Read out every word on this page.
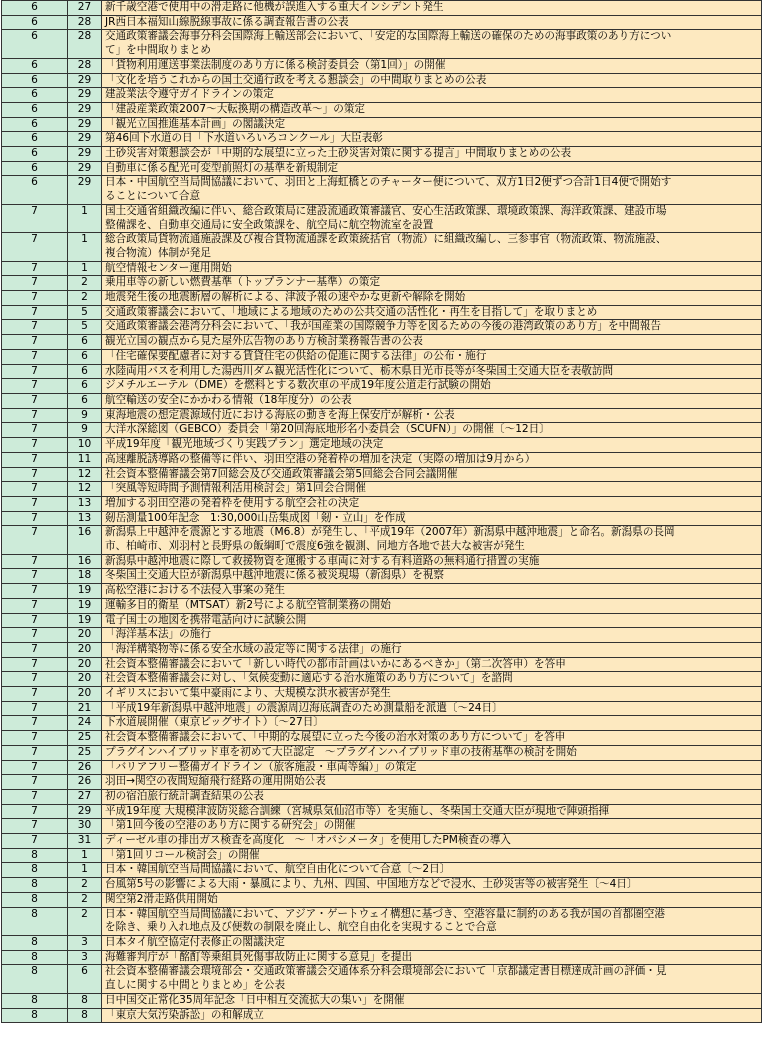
6	27	新千歳空港で使用中の滑走路に他機が誤進入する重大インシデント発生
6	28	JR西日本福知山線脱線事故に係る調査報告書の公表
6	28	交通政策審議会海事分科会国際海上輸送部会において、「安定的な国際海上輸送の確保のための海事政策のあり方につい
て」を中間取りまとめ
6	28	「貨物利用運送事業法制度のあり方に係る検討委員会（第1回）」の開催
6	29	「文化を培うこれからの国土交通行政を考える懇談会」の中間取りまとめの公表
6	29	建設業法令遵守ガイドラインの策定
6	29	「建設産業政策2007～大転換期の構造改革～」の策定
6	29	「観光立国推進基本計画」の閣議決定
6	29	第46回下水道の日「下水道いろいろコンクール」大臣表彰
6	29	土砂災害対策懇談会が「中期的な展望に立った土砂災害対策に関する提言」中間取りまとめの公表
6	29	自動車に係る配光可変型前照灯の基準を新規制定
6	29	日本・中国航空当局間協議において、羽田と上海虹橋とのチャーター便について、双方1日2便ずつ合計1日4便で開始す
ることについて合意
7	1	国土交通省組織改編に伴い、総合政策局に建設流通政策審議官、安心生活政策課、環境政策課、海洋政策課、建設市場
整備課を、自動車交通局に安全政策課を、航空局に航空物流室を設置
7	1	総合政策局貨物流通施設課及び複合貨物流通課を政策統括官（物流）に組織改編し、三参事官（物流政策、物流施設、
複合物流）体制が発足
7	1	航空情報センター運用開始
7	2	乗用車等の新しい燃費基準（トップランナー基準）の策定
7	2	地震発生後の地震断層の解析による、津波予報の速やかな更新や解除を開始
7	5	交通政策審議会において、「地域による地域のための公共交通の活性化・再生を目指して」を取りまとめ
7	5	交通政策審議会港湾分科会において、「我が国産業の国際競争力等を図るための今後の港湾政策のあり方」を中間報告
7	6	観光立国の観点から見た屋外広告物のあり方検討業務報告書の公表
7	6	「住宅確保要配慮者に対する賃貸住宅の供給の促進に関する法律」の公布・施行
7	6	水陸両用バスを利用した湯西川ダム観光活性化について、栃木県日光市長等が冬柴国土交通大臣を表敬訪問
7	6	ジメチルエーテル（DME）を燃料とする数次車の平成19年度公道走行試験の開始
7	6	航空輸送の安全にかかわる情報（18年度分）の公表
7	9	東海地震の想定震源域付近における海底の動きを海上保安庁が解析・公表
7	9	大洋水深総図（GEBCO）委員会「第20回海底地形名小委員会（SCUFN）」の開催〔～12日〕
7	10	平成19年度「観光地域づくり実践プラン」選定地域の決定
7	11	高速離脱誘導路の整備等に伴い、羽田空港の発着枠の増加を決定（実際の増加は9月から）
7	12	社会資本整備審議会第7回総会及び交通政策審議会第5回総会合同会議開催
7	12	「突風等短時間予測情報利活用検討会」第1回会合開催
7	13	増加する羽田空港の発着枠を使用する航空会社の決定
7	13	剱岳測量100年記念　1:30,000山岳集成図「剱・立山」を作成
7	16	新潟県上中越沖を震源とする地震（M6.8）が発生し、「平成19年（2007年）新潟県中越沖地震」と命名。新潟県の長岡
市、柏崎市、刈羽村と長野県の飯綱町で震度6強を観測、同地方各地で甚大な被害が発生
7	16	新潟県中越沖地震に際して救援物資を運搬する車両に対する有料道路の無料通行措置の実施
7	18	冬柴国土交通大臣が新潟県中越沖地震に係る被災現場（新潟県）を視察
7	19	高松空港における不法侵入事案の発生
7	19	運輸多目的衛星（MTSAT）新2号による航空管制業務の開始
7	19	電子国土の地図を携帯電話向けに試験公開
7	20	「海洋基本法」の施行
7	20	「海洋構築物等に係る安全水域の設定等に関する法律」の施行
7	20	社会資本整備審議会において「新しい時代の都市計画はいかにあるべきか」（第二次答申）を答申
7	20	社会資本整備審議会に対し、「気候変動に適応する治水施策のあり方について」を諮問
7	20	イギリスにおいて集中豪雨により、大規模な洪水被害が発生
7	21	「平成19年新潟県中越沖地震」の震源周辺海底調査のため測量船を派遣〔～24日〕
7	24	下水道展開催（東京ビッグサイト）〔～27日〕
7	25	社会資本整備審議会において、「中期的な展望に立った今後の治水対策のあり方について」を答申
7	25	プラグインハイブリッド車を初めて大臣認定　～プラグインハイブリッド車の技術基準の検討を開始
7	26	「バリアフリー整備ガイドライン（旅客施設・車両等編）」の策定
7	26	羽田→関空の夜間短縮飛行経路の運用開始公表
7	27	初の宿泊旅行統計調査結果の公表
7	29	平成19年度 大規模津波防災総合訓練（宮城県気仙沼市等）を実施し、冬柴国土交通大臣が現地で陣頭指揮
7	30	「第1回今後の空港のあり方に関する研究会」の開催
7	31	ディーゼル車の排出ガス検査を高度化　～「オパシメータ」を使用したPM検査の導入
8	1	「第1回リコール検討会」の開催
8	1	日本・韓国航空当局間協議において、航空自由化について合意〔～2日〕
8	2	台風第5号の影響による大雨・暴風により、九州、四国、中国地方などで浸水、土砂災害等の被害発生〔～4日〕
8	2	関空第2滑走路供用開始
8	2	日本・韓国航空当局間協議において、アジア・ゲートウェイ構想に基づき、空港容量に制約のある我が国の首都圏空港
を除き、乗り入れ地点及び便数の制限を廃止し、航空自由化を実現することで合意
8	3	日本タイ航空協定付表修正の閣議決定
8	3	海難審判庁が「酩酊等乗組員死傷事故防止に関する意見」を提出
8	6	社会資本整備審議会環境部会・交通政策審議会交通体系分科会環境部会において「京都議定書目標達成計画の評価・見
直しに関する中間とりまとめ」を公表
8	8	日中国交正常化35周年記念「日中相互交流拡大の集い」を開催
8	8	「東京大気汚染訴訟」の和解成立
